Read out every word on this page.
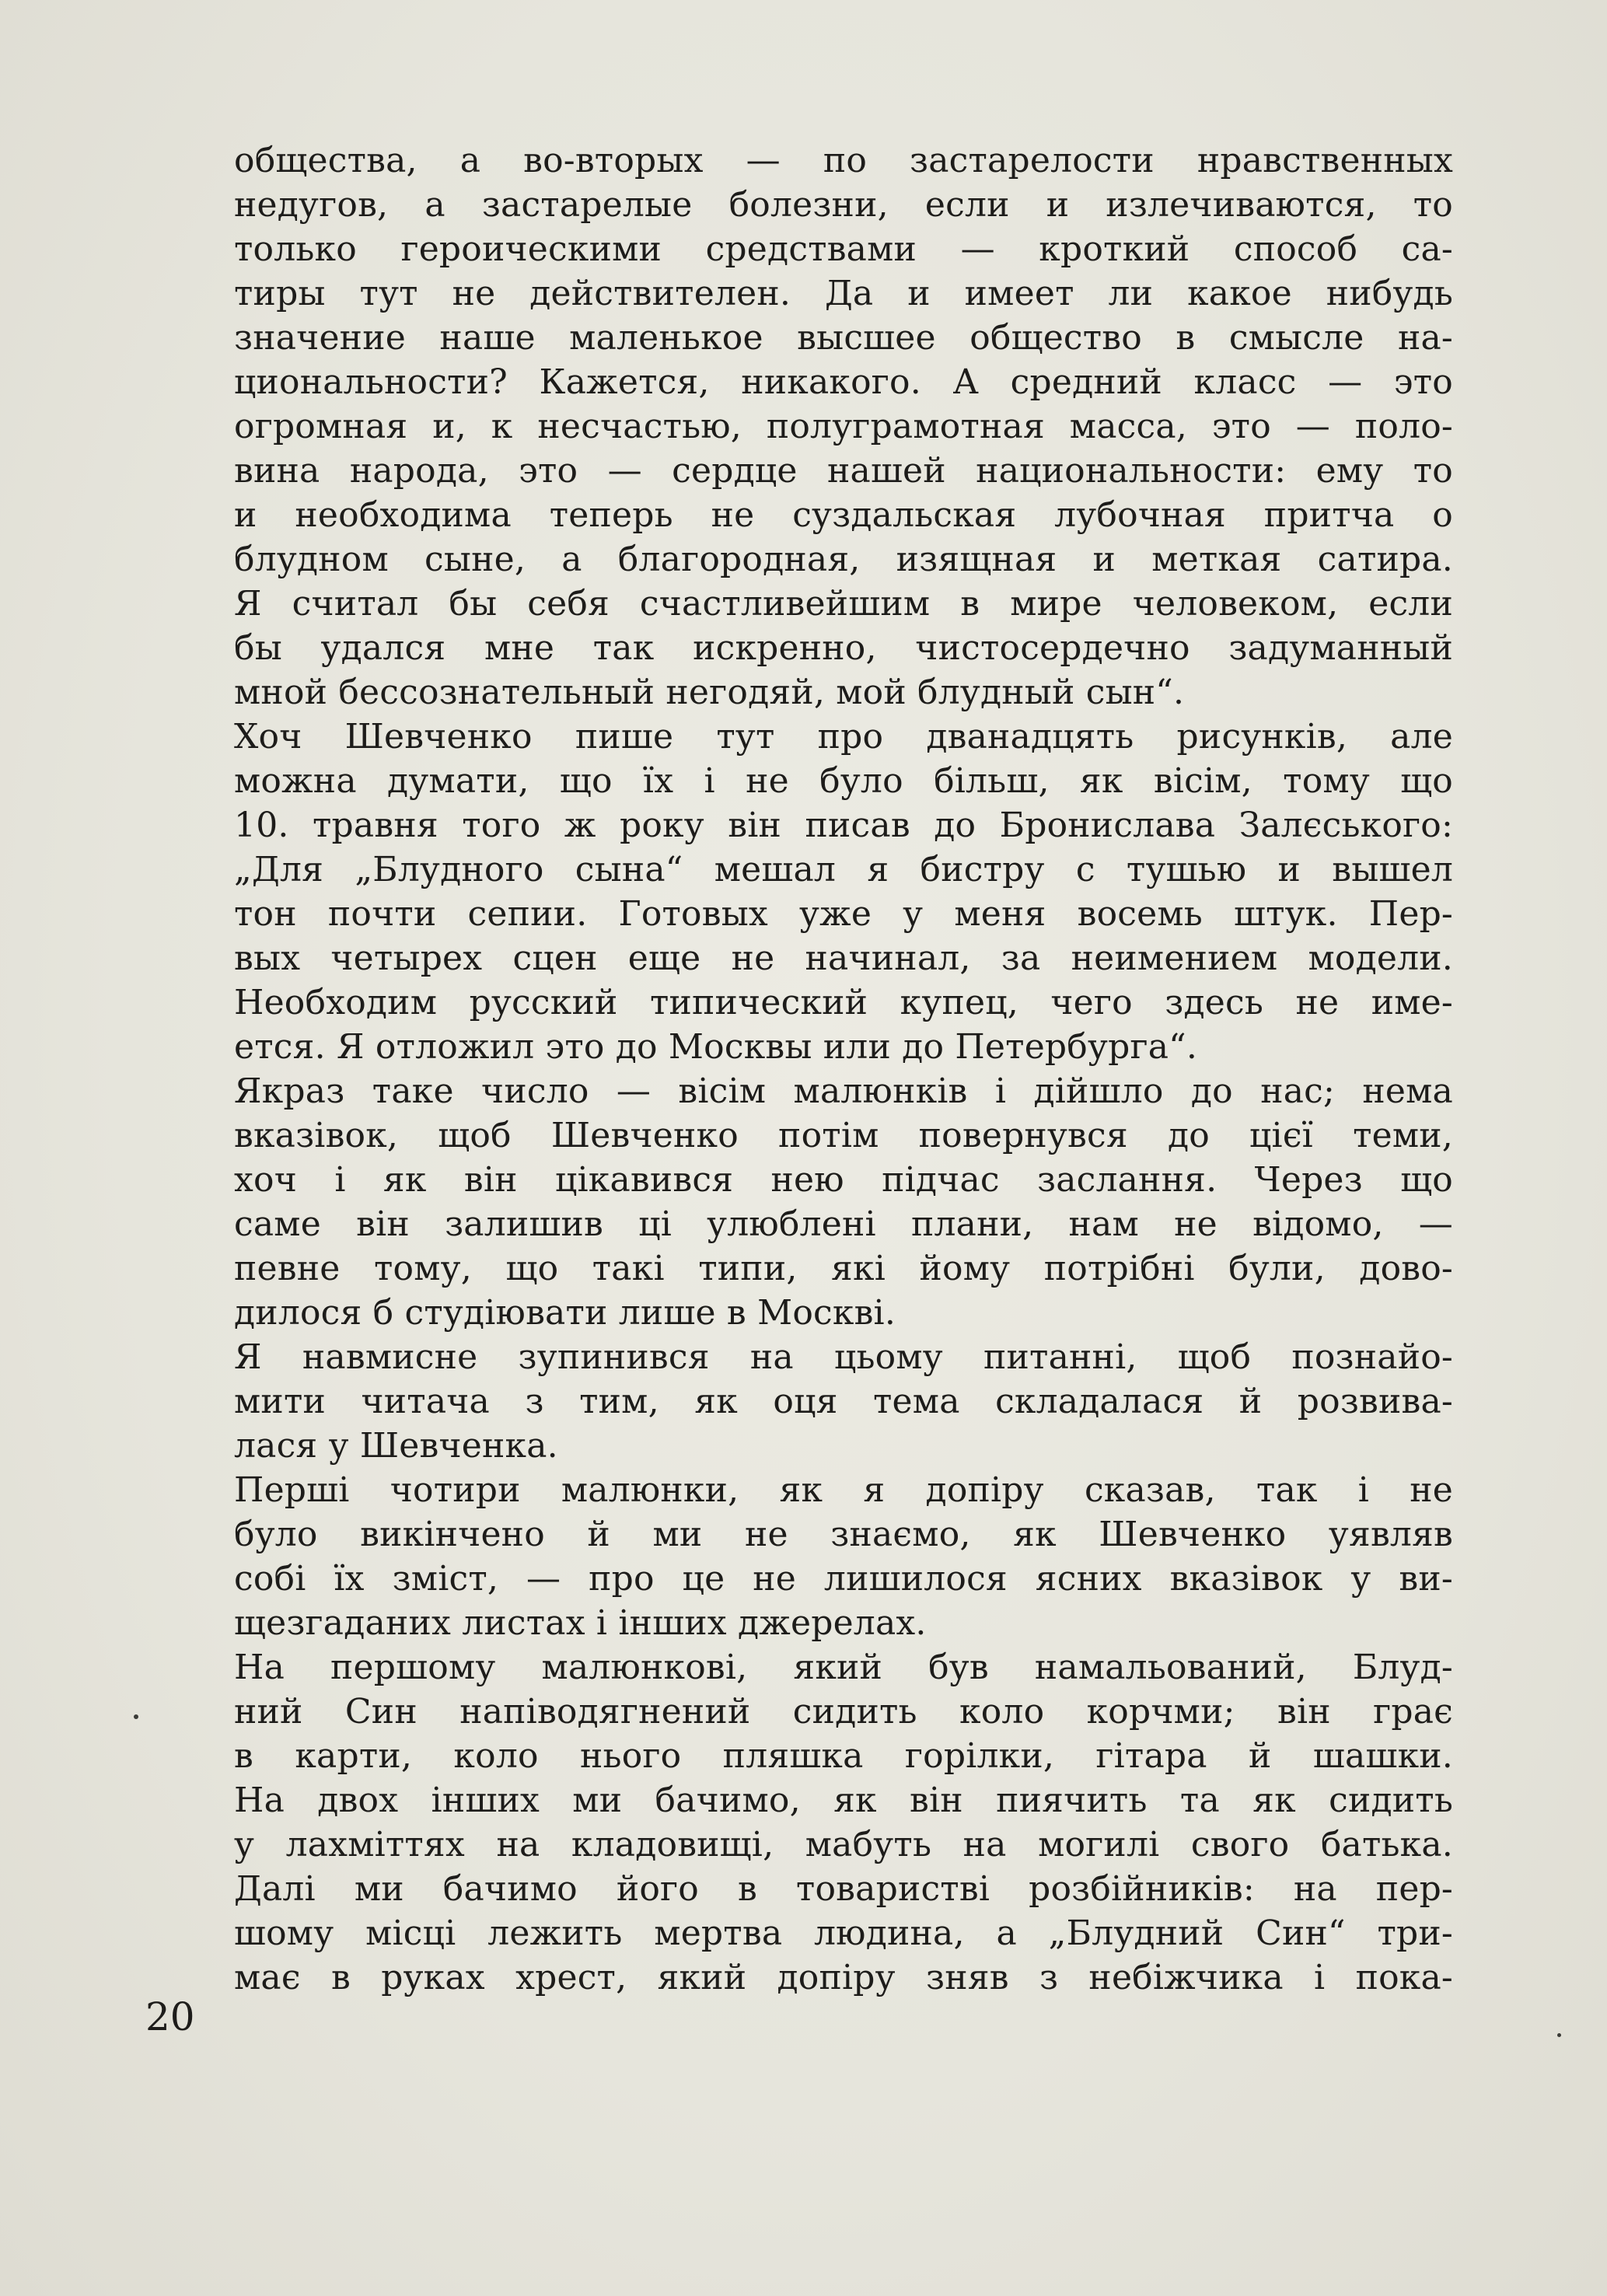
общества, а во-вторых — по застарелости нравственных
недугов, а застарелые болезни, если и излечиваются, то
только героическими средствами — кроткий способ са-
тиры тут не действителен. Да и имеет ли какое нибудь
значение наше маленькое высшее общество в смысле на-
циональности? Кажется, никакого. А средний класс — это
огромная и, к несчастью, полуграмотная масса, это — поло-
вина народа, это — сердце нашей национальности: ему то
и необходима теперь не суздальская лубочная притча о
блудном сыне, а благородная, изящная и меткая сатира.
Я считал бы себя счастливейшим в мире человеком, если
бы удался мне так искренно, чистосердечно задуманный
мной бессознательный негодяй, мой блудный сын“.
Хоч Шевченко пише тут про дванадцять рисунків, але
можна думати, що їх і не було більш, як вісім, тому що
10. травня того ж року він писав до Бронислава Залєського:
„Для „Блудного сына“ мешал я бистру с тушью и вышел
тон почти сепии. Готовых уже у меня восемь штук. Пер-
вых четырех сцен еще не начинал, за неимением модели.
Необходим русский типический купец, чего здесь не име-
ется. Я отложил это до Москвы или до Петербурга“.
Якраз таке число — вісім малюнків і дійшло до нас; нема
вказівок, щоб Шевченко потім повернувся до цієї теми,
хоч і як він цікавився нею підчас заслання. Через що
саме він залишив ці улюблені плани, нам не відомо, —
певне тому, що такі типи, які йому потрібні були, дово-
дилося б студіювати лише в Москві.
Я навмисне зупинився на цьому питанні, щоб познайо-
мити читача з тим, як оця тема складалася й розвива-
лася у Шевченка.
Перші чотири малюнки, як я допіру сказав, так і не
було викінчено й ми не знаємо, як Шевченко уявляв
собі їх зміст, — про це не лишилося ясних вказівок у ви-
щезгаданих листах і інших джерелах.
На першому малюнкові, який був намальований, Блуд-
ний Син напіводягнений сидить коло корчми; він грає
в карти, коло нього пляшка горілки, гітара й шашки.
На двох інших ми бачимо, як він пиячить та як сидить
у лахміттях на кладовищі, мабуть на могилі свого батька.
Далі ми бачимо його в товаристві розбійників: на пер-
шому місці лежить мертва людина, а „Блудний Син“ три-
має в руках хрест, який допіру зняв з небіжчика і пока-
20
